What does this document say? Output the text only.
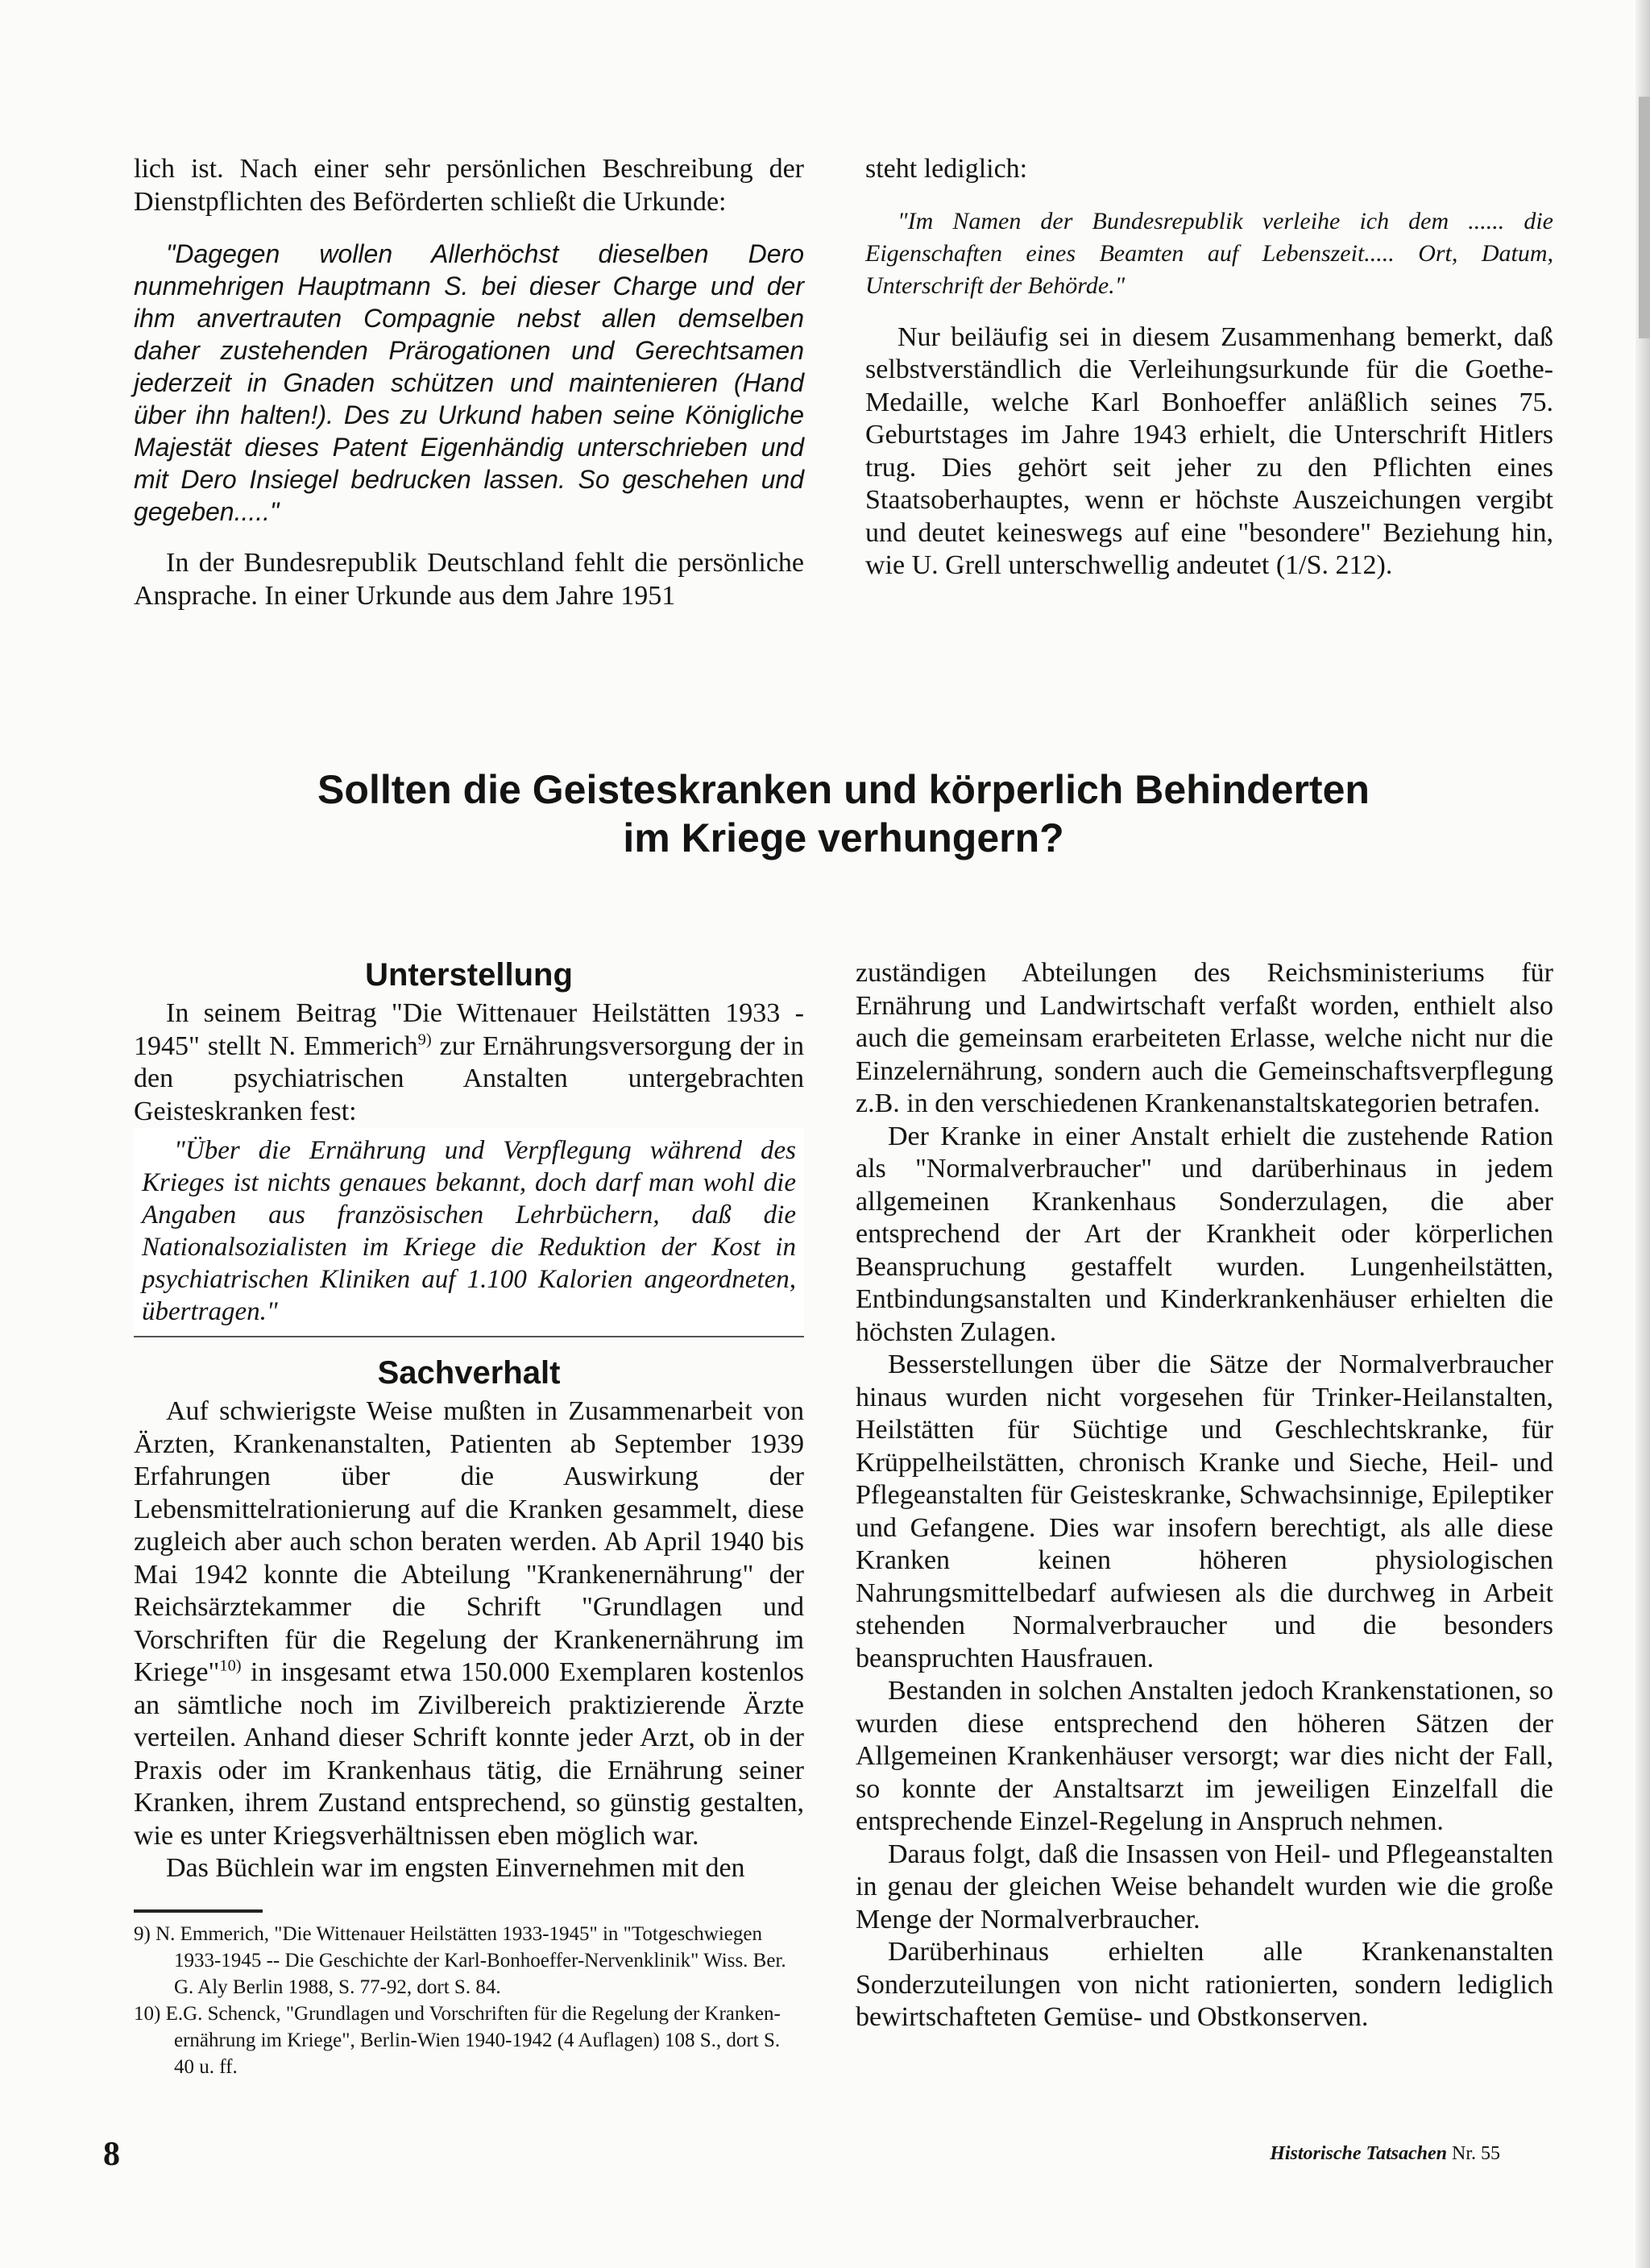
lich ist. Nach einer sehr persönlichen Beschreibung der Dienstpflichten des Beförderten schließt die Urkunde:

"Dagegen wollen Allerhöchst dieselben Dero nunmehrigen Hauptmann S. bei dieser Charge und der ihm anvertrauten Compagnie nebst allen demselben daher zustehenden Prärogationen und Gerechtsamen jederzeit in Gnaden schützen und maintenieren (Hand über ihn halten!). Des zu Urkund haben seine Königliche Majestät dieses Patent Eigenhändig unterschrieben und mit Dero Insiegel bedrucken lassen. So geschehen und gegeben....."

In der Bundesrepublik Deutschland fehlt die persönliche Ansprache. In einer Urkunde aus dem Jahre 1951

steht lediglich:

"Im Namen der Bundesrepublik verleihe ich dem ...... die Eigenschaften eines Beamten auf Lebenszeit..... Ort, Datum, Unterschrift der Behörde."

Nur beiläufig sei in diesem Zusammenhang bemerkt, daß selbstverständlich die Verleihungsurkunde für die Goethe-Medaille, welche Karl Bonhoeffer anläßlich seines 75. Geburtstages im Jahre 1943 erhielt, die Unterschrift Hitlers trug. Dies gehört seit jeher zu den Pflichten eines Staatsoberhauptes, wenn er höchste Auszeichungen vergibt und deutet keineswegs auf eine "besondere" Beziehung hin, wie U. Grell unterschwellig andeutet (1/S. 212).

Sollten die Geisteskranken und körperlich Behinderten
im Kriege verhungern?
Unterstellung

In seinem Beitrag "Die Wittenauer Heilstätten 1933 - 1945" stellt N. Emmerich$^{9)}$ zur Ernährungsversorgung der in den psychiatrischen Anstalten untergebrachten Geisteskranken fest:

"Über die Ernährung und Verpflegung während des Krieges ist nichts genaues bekannt, doch darf man wohl die Angaben aus französischen Lehrbüchern, daß die Nationalsozialisten im Kriege die Reduktion der Kost in psychiatrischen Kliniken auf 1.100 Kalorien angeordneten, übertragen."

Sachverhalt

Auf schwierigste Weise mußten in Zusammenarbeit von Ärzten, Krankenanstalten, Patienten ab September 1939 Erfahrungen über die Auswirkung der Lebensmittelrationierung auf die Kranken gesammelt, diese zugleich aber auch schon beraten werden. Ab April 1940 bis Mai 1942 konnte die Abteilung "Krankenernährung" der Reichsärztekammer die Schrift "Grundlagen und Vorschriften für die Regelung der Krankenernährung im Kriege"$^{10)}$ in insgesamt etwa 150.000 Exemplaren kostenlos an sämtliche noch im Zivilbereich praktizierende Ärzte verteilen. Anhand dieser Schrift konnte jeder Arzt, ob in der Praxis oder im Krankenhaus tätig, die Ernährung seiner Kranken, ihrem Zustand entsprechend, so günstig gestalten, wie es unter Kriegsverhältnissen eben möglich war.

Das Büchlein war im engsten Einvernehmen mit den

9) N. Emmerich, "Die Wittenauer Heilstätten 1933-1945" in "Totgeschwiegen
1933-1945 -- Die Geschichte der Karl-Bonhoeffer-Nervenklinik" Wiss. Ber. G. Aly Berlin 1988, S. 77-92, dort S. 84.

10) E.G. Schenck, "Grundlagen und Vorschriften für die Regelung der Kranken-
ernährung im Kriege", Berlin-Wien 1940-1942 (4 Auflagen) 108 S., dort S. 40 u. ff.

zuständigen Abteilungen des Reichsministeriums für Ernährung und Landwirtschaft verfaßt worden, enthielt also auch die gemeinsam erarbeiteten Erlasse, welche nicht nur die Einzelernährung, sondern auch die Gemeinschaftsverpflegung z.B. in den verschiedenen Krankenanstaltskategorien betrafen.

Der Kranke in einer Anstalt erhielt die zustehende Ration als "Normalverbraucher" und darüberhinaus in jedem allgemeinen Krankenhaus Sonderzulagen, die aber entsprechend der Art der Krankheit oder körperlichen Beanspruchung gestaffelt wurden. Lungenheilstätten, Entbindungsanstalten und Kinderkrankenhäuser erhielten die höchsten Zulagen.

Besserstellungen über die Sätze der Normalverbraucher hinaus wurden nicht vorgesehen für Trinker-Heilanstalten, Heilstätten für Süchtige und Geschlechtskranke, für Krüppelheilstätten, chronisch Kranke und Sieche, Heil- und Pflegeanstalten für Geisteskranke, Schwachsinnige, Epileptiker und Gefangene. Dies war insofern berechtigt, als alle diese Kranken keinen höheren physiologischen Nahrungsmittelbedarf aufwiesen als die durchweg in Arbeit stehenden Normalverbraucher und die besonders beanspruchten Hausfrauen.

Bestanden in solchen Anstalten jedoch Krankenstationen, so wurden diese entsprechend den höheren Sätzen der Allgemeinen Krankenhäuser versorgt; war dies nicht der Fall, so konnte der Anstaltsarzt im jeweiligen Einzelfall die entsprechende Einzel-Regelung in Anspruch nehmen.

Daraus folgt, daß die Insassen von Heil- und Pflegeanstalten in genau der gleichen Weise behandelt wurden wie die große Menge der Normalverbraucher.

Darüberhinaus erhielten alle Krankenanstalten Sonderzuteilungen von nicht rationierten, sondern lediglich bewirtschafteten Gemüse- und Obstkonserven.

8	Historische Tatsachen Nr. 55
